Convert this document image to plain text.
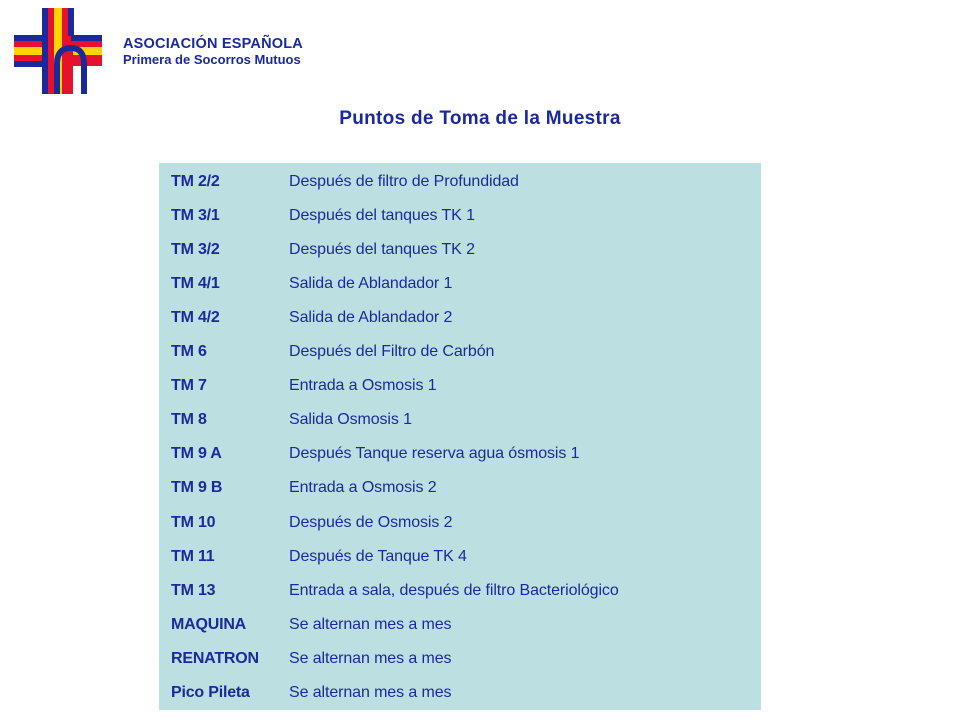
ASOCIACIÓN ESPAÑOLA
Primera de Socorros Mutuos
Puntos de Toma de la Muestra
TM 2/2	Después de filtro de Profundidad
TM 3/1	Después del tanques TK 1
TM 3/2	Después del tanques TK 2
TM 4/1	Salida de Ablandador 1
TM 4/2	Salida de Ablandador 2
TM 6	Después del Filtro de Carbón
TM 7	Entrada a Osmosis 1
TM 8	Salida Osmosis 1
TM 9 A	Después Tanque reserva agua ósmosis 1
TM 9 B	Entrada a Osmosis 2
TM 10	Después de Osmosis 2
TM 11	Después de Tanque TK 4
TM 13	Entrada a sala, después de filtro Bacteriológico
MAQUINA	Se alternan mes a mes
RENATRON	Se alternan mes a mes
Pico Pileta	Se alternan mes a mes
